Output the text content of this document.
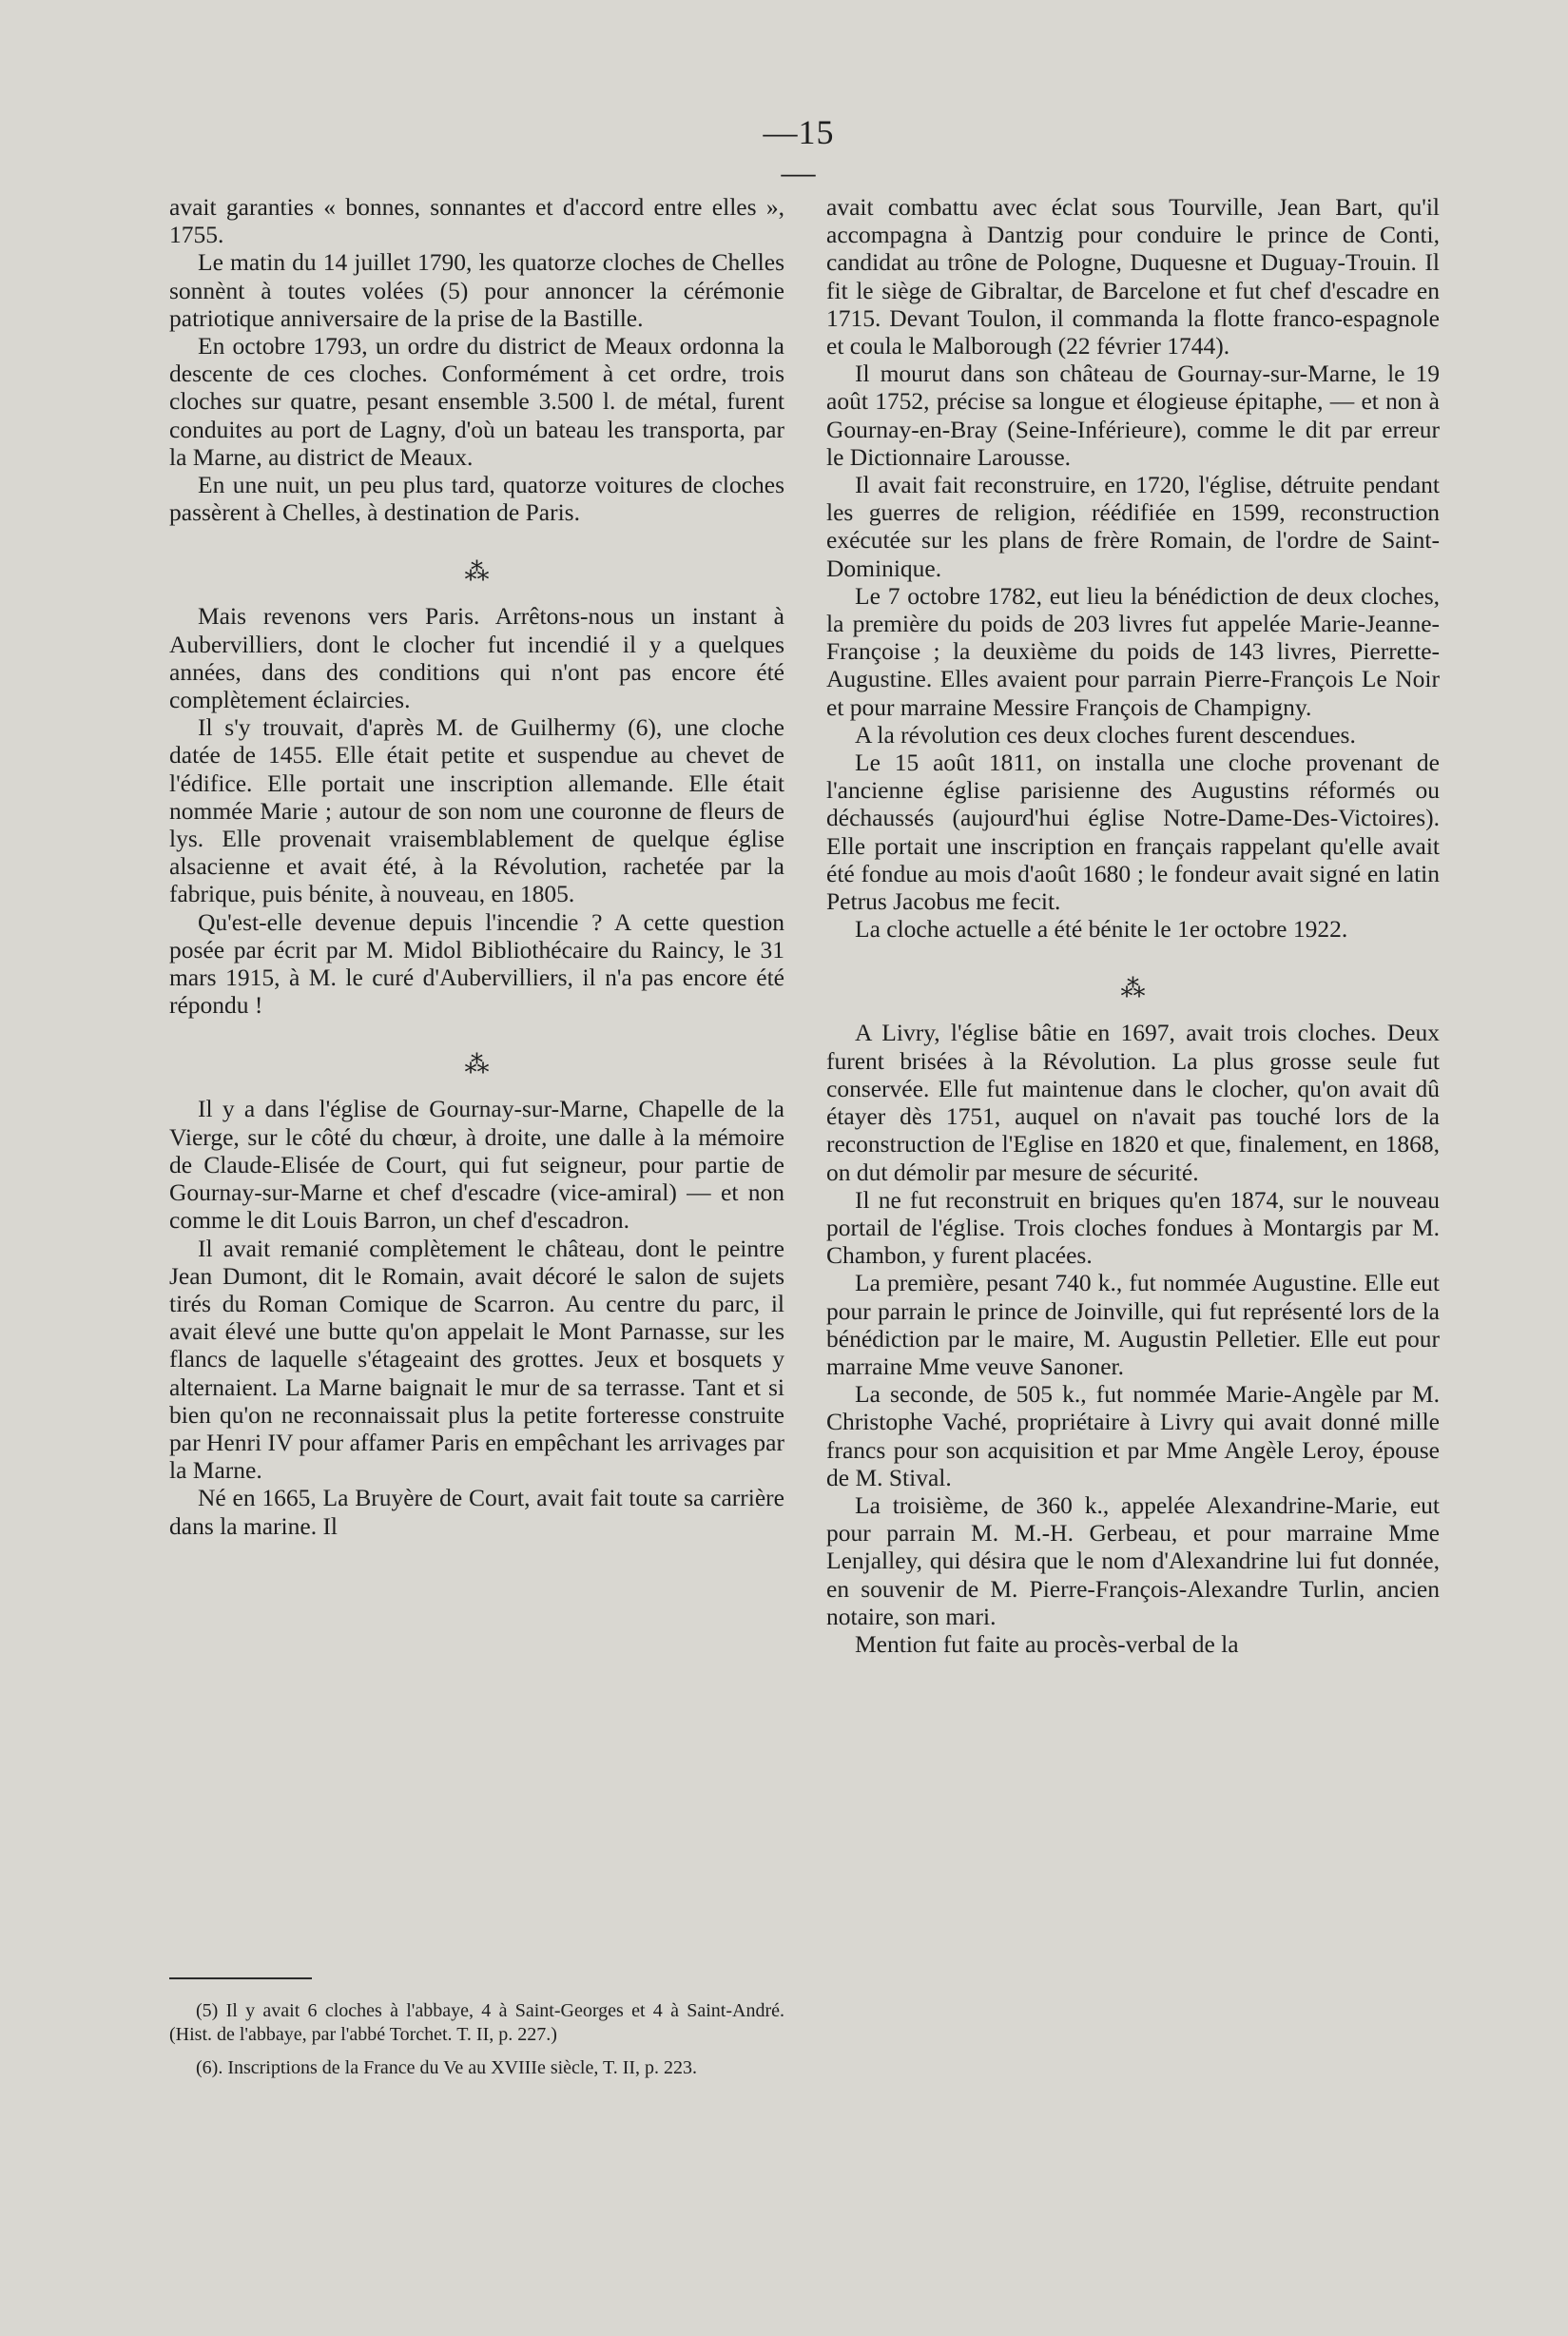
—15 —

avait garanties « bonnes, sonnantes et d'accord entre elles », 1755.

Le matin du 14 juillet 1790, les quatorze cloches de Chelles sonnènt à toutes volées (5) pour annoncer la cérémonie patriotique anniversaire de la prise de la Bastille.

En octobre 1793, un ordre du district de Meaux ordonna la descente de ces cloches. Conformément à cet ordre, trois cloches sur quatre, pesant ensemble 3.500 l. de métal, furent conduites au port de Lagny, d'où un bateau les transporta, par la Marne, au district de Meaux.

En une nuit, un peu plus tard, quatorze voitures de cloches passèrent à Chelles, à destination de Paris.

⁂

Mais revenons vers Paris. Arrêtons-nous un instant à Aubervilliers, dont le clocher fut incendié il y a quelques années, dans des conditions qui n'ont pas encore été complètement éclaircies.

Il s'y trouvait, d'après M. de Guilhermy (6), une cloche datée de 1455. Elle était petite et suspendue au chevet de l'édifice. Elle portait une inscription allemande. Elle était nommée Marie ; autour de son nom une couronne de fleurs de lys. Elle provenait vraisemblablement de quelque église alsacienne et avait été, à la Révolution, rachetée par la fabrique, puis bénite, à nouveau, en 1805.

Qu'est-elle devenue depuis l'incendie ? A cette question posée par écrit par M. Midol Bibliothécaire du Raincy, le 31 mars 1915, à M. le curé d'Aubervilliers, il n'a pas encore été répondu !

⁂

Il y a dans l'église de Gournay-sur-Marne, Chapelle de la Vierge, sur le côté du chœur, à droite, une dalle à la mémoire de Claude-Elisée de Court, qui fut seigneur, pour partie de Gournay-sur-Marne et chef d'escadre (vice-amiral) — et non comme le dit Louis Barron, un chef d'escadron.

Il avait remanié complètement le château, dont le peintre Jean Dumont, dit le Romain, avait décoré le salon de sujets tirés du Roman Comique de Scarron. Au centre du parc, il avait élevé une butte qu'on appelait le Mont Parnasse, sur les flancs de laquelle s'étageaint des grottes. Jeux et bosquets y alternaient. La Marne baignait le mur de sa terrasse. Tant et si bien qu'on ne reconnaissait plus la petite forteresse construite par Henri IV pour affamer Paris en empêchant les arrivages par la Marne.

Né en 1665, La Bruyère de Court, avait fait toute sa carrière dans la marine. Il

(5) Il y avait 6 cloches à l'abbaye, 4 à Saint-Georges et 4 à Saint-André. (Hist. de l'abbaye, par l'abbé Torchet. T. II, p. 227.)

(6). Inscriptions de la France du Ve au XVIIIe siècle, T. II, p. 223.

avait combattu avec éclat sous Tourville, Jean Bart, qu'il accompagna à Dantzig pour conduire le prince de Conti, candidat au trône de Pologne, Duquesne et Duguay-Trouin. Il fit le siège de Gibraltar, de Barcelone et fut chef d'escadre en 1715. Devant Toulon, il commanda la flotte franco-espagnole et coula le Malborough (22 février 1744).

Il mourut dans son château de Gournay-sur-Marne, le 19 août 1752, précise sa longue et élogieuse épitaphe, — et non à Gournay-en-Bray (Seine-Inférieure), comme le dit par erreur le Dictionnaire Larousse.

Il avait fait reconstruire, en 1720, l'église, détruite pendant les guerres de religion, réédifiée en 1599, reconstruction exécutée sur les plans de frère Romain, de l'ordre de Saint-Dominique.

Le 7 octobre 1782, eut lieu la bénédiction de deux cloches, la première du poids de 203 livres fut appelée Marie-Jeanne-Françoise ; la deuxième du poids de 143 livres, Pierrette-Augustine. Elles avaient pour parrain Pierre-François Le Noir et pour marraine Messire François de Champigny.

A la révolution ces deux cloches furent descendues.

Le 15 août 1811, on installa une cloche provenant de l'ancienne église parisienne des Augustins réformés ou déchaussés (aujourd'hui église Notre-Dame-Des-Victoires). Elle portait une inscription en français rappelant qu'elle avait été fondue au mois d'août 1680 ; le fondeur avait signé en latin Petrus Jacobus me fecit.

La cloche actuelle a été bénite le 1er octobre 1922.

⁂

A Livry, l'église bâtie en 1697, avait trois cloches. Deux furent brisées à la Révolution. La plus grosse seule fut conservée. Elle fut maintenue dans le clocher, qu'on avait dû étayer dès 1751, auquel on n'avait pas touché lors de la reconstruction de l'Eglise en 1820 et que, finalement, en 1868, on dut démolir par mesure de sécurité.

Il ne fut reconstruit en briques qu'en 1874, sur le nouveau portail de l'église. Trois cloches fondues à Montargis par M. Chambon, y furent placées.

La première, pesant 740 k., fut nommée Augustine. Elle eut pour parrain le prince de Joinville, qui fut représenté lors de la bénédiction par le maire, M. Augustin Pelletier. Elle eut pour marraine Mme veuve Sanoner.

La seconde, de 505 k., fut nommée Marie-Angèle par M. Christophe Vaché, propriétaire à Livry qui avait donné mille francs pour son acquisition et par Mme Angèle Leroy, épouse de M. Stival.

La troisième, de 360 k., appelée Alexandrine-Marie, eut pour parrain M. M.-H. Gerbeau, et pour marraine Mme Lenjalley, qui désira que le nom d'Alexandrine lui fut donnée, en souvenir de M. Pierre-François-Alexandre Turlin, ancien notaire, son mari.

Mention fut faite au procès-verbal de la
